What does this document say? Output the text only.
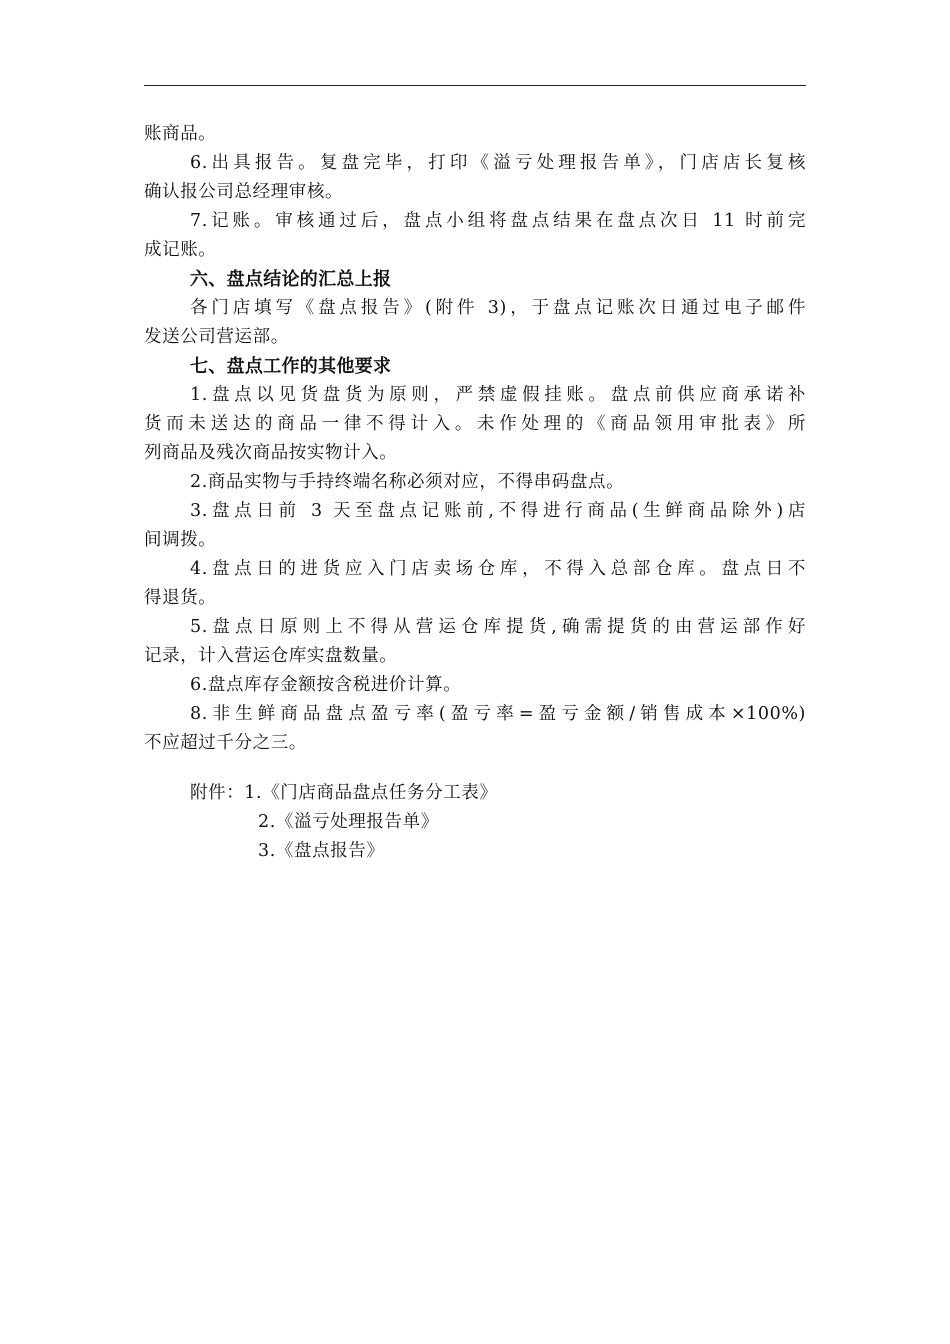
账商品。
6.出具报告。复盘完毕，打印《溢亏处理报告单》，门店店长复核
确认报公司总经理审核。
7.记账。审核通过后，盘点小组将盘点结果在盘点次日 11 时前完
成记账。
六、盘点结论的汇总上报
各门店填写《盘点报告》(附件 3)，于盘点记账次日通过电子邮件
发送公司营运部。
七、盘点工作的其他要求
1.盘点以见货盘货为原则，严禁虚假挂账。盘点前供应商承诺补
货而未送达的商品一律不得计入。未作处理的《商品领用审批表》所
列商品及残次商品按实物计入。
2.商品实物与手持终端名称必须对应，不得串码盘点。
3.盘点日前 3 天至盘点记账前,不得进行商品(生鲜商品除外)店
间调拨。
4.盘点日的进货应入门店卖场仓库，不得入总部仓库。盘点日不
得退货。
5.盘点日原则上不得从营运仓库提货,确需提货的由营运部作好
记录，计入营运仓库实盘数量。
6.盘点库存金额按含税进价计算。
8.非生鲜商品盘点盈亏率(盈亏率=盈亏金额/销售成本×100%)
不应超过千分之三。
附件：1.《门店商品盘点任务分工表》
2.《溢亏处理报告单》
3.《盘点报告》
